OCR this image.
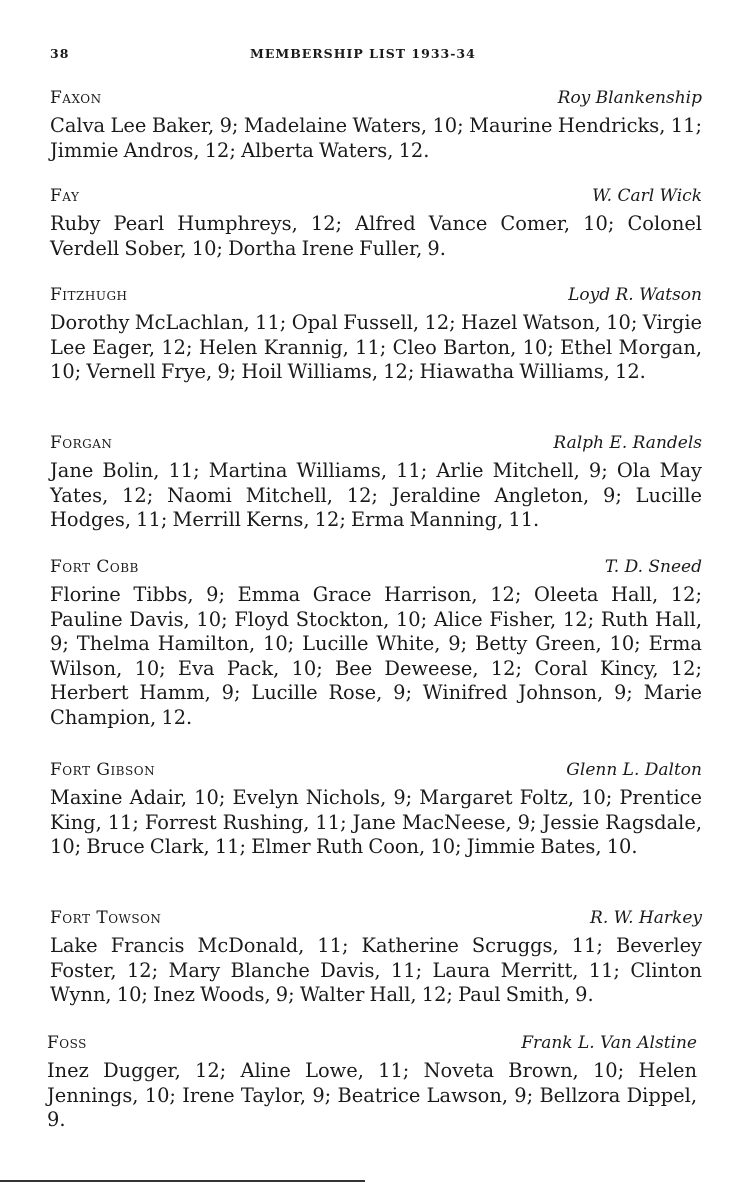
38	MEMBERSHIP LIST 1933-34
Faxon	Roy Blankenship
Calva Lee Baker, 9; Madelaine Waters, 10; Maurine Hendricks, 11; Jimmie Andros, 12; Alberta Waters, 12.
Fay	W. Carl Wick
Ruby Pearl Humphreys, 12; Alfred Vance Comer, 10; Colonel Verdell Sober, 10; Dortha Irene Fuller, 9.
Fitzhugh	Loyd R. Watson
Dorothy McLachlan, 11; Opal Fussell, 12; Hazel Watson, 10; Virgie Lee Eager, 12; Helen Krannig, 11; Cleo Barton, 10; Ethel Morgan, 10; Vernell Frye, 9; Hoil Williams, 12; Hiawatha Williams, 12.
Forgan	Ralph E. Randels
Jane Bolin, 11; Martina Williams, 11; Arlie Mitchell, 9; Ola May Yates, 12; Naomi Mitchell, 12; Jeraldine Angleton, 9; Lucille Hodges, 11; Merrill Kerns, 12; Erma Manning, 11.
Fort Cobb	T. D. Sneed
Florine Tibbs, 9; Emma Grace Harrison, 12; Oleeta Hall, 12; Pauline Davis, 10; Floyd Stockton, 10; Alice Fisher, 12; Ruth Hall, 9; Thelma Hamilton, 10; Lucille White, 9; Betty Green, 10; Erma Wilson, 10; Eva Pack, 10; Bee Deweese, 12; Coral Kincy, 12; Herbert Hamm, 9; Lucille Rose, 9; Winifred Johnson, 9; Marie Champion, 12.
Fort Gibson	Glenn L. Dalton
Maxine Adair, 10; Evelyn Nichols, 9; Margaret Foltz, 10; Prentice King, 11; Forrest Rushing, 11; Jane MacNeese, 9; Jessie Ragsdale, 10; Bruce Clark, 11; Elmer Ruth Coon, 10; Jimmie Bates, 10.
Fort Towson	R. W. Harkey
Lake Francis McDonald, 11; Katherine Scruggs, 11; Beverley Foster, 12; Mary Blanche Davis, 11; Laura Merritt, 11; Clinton Wynn, 10; Inez Woods, 9; Walter Hall, 12; Paul Smith, 9.
Foss	Frank L. Van Alstine
Inez Dugger, 12; Aline Lowe, 11; Noveta Brown, 10; Helen Jennings, 10; Irene Taylor, 9; Beatrice Lawson, 9; Bellzora Dippel, 9.
